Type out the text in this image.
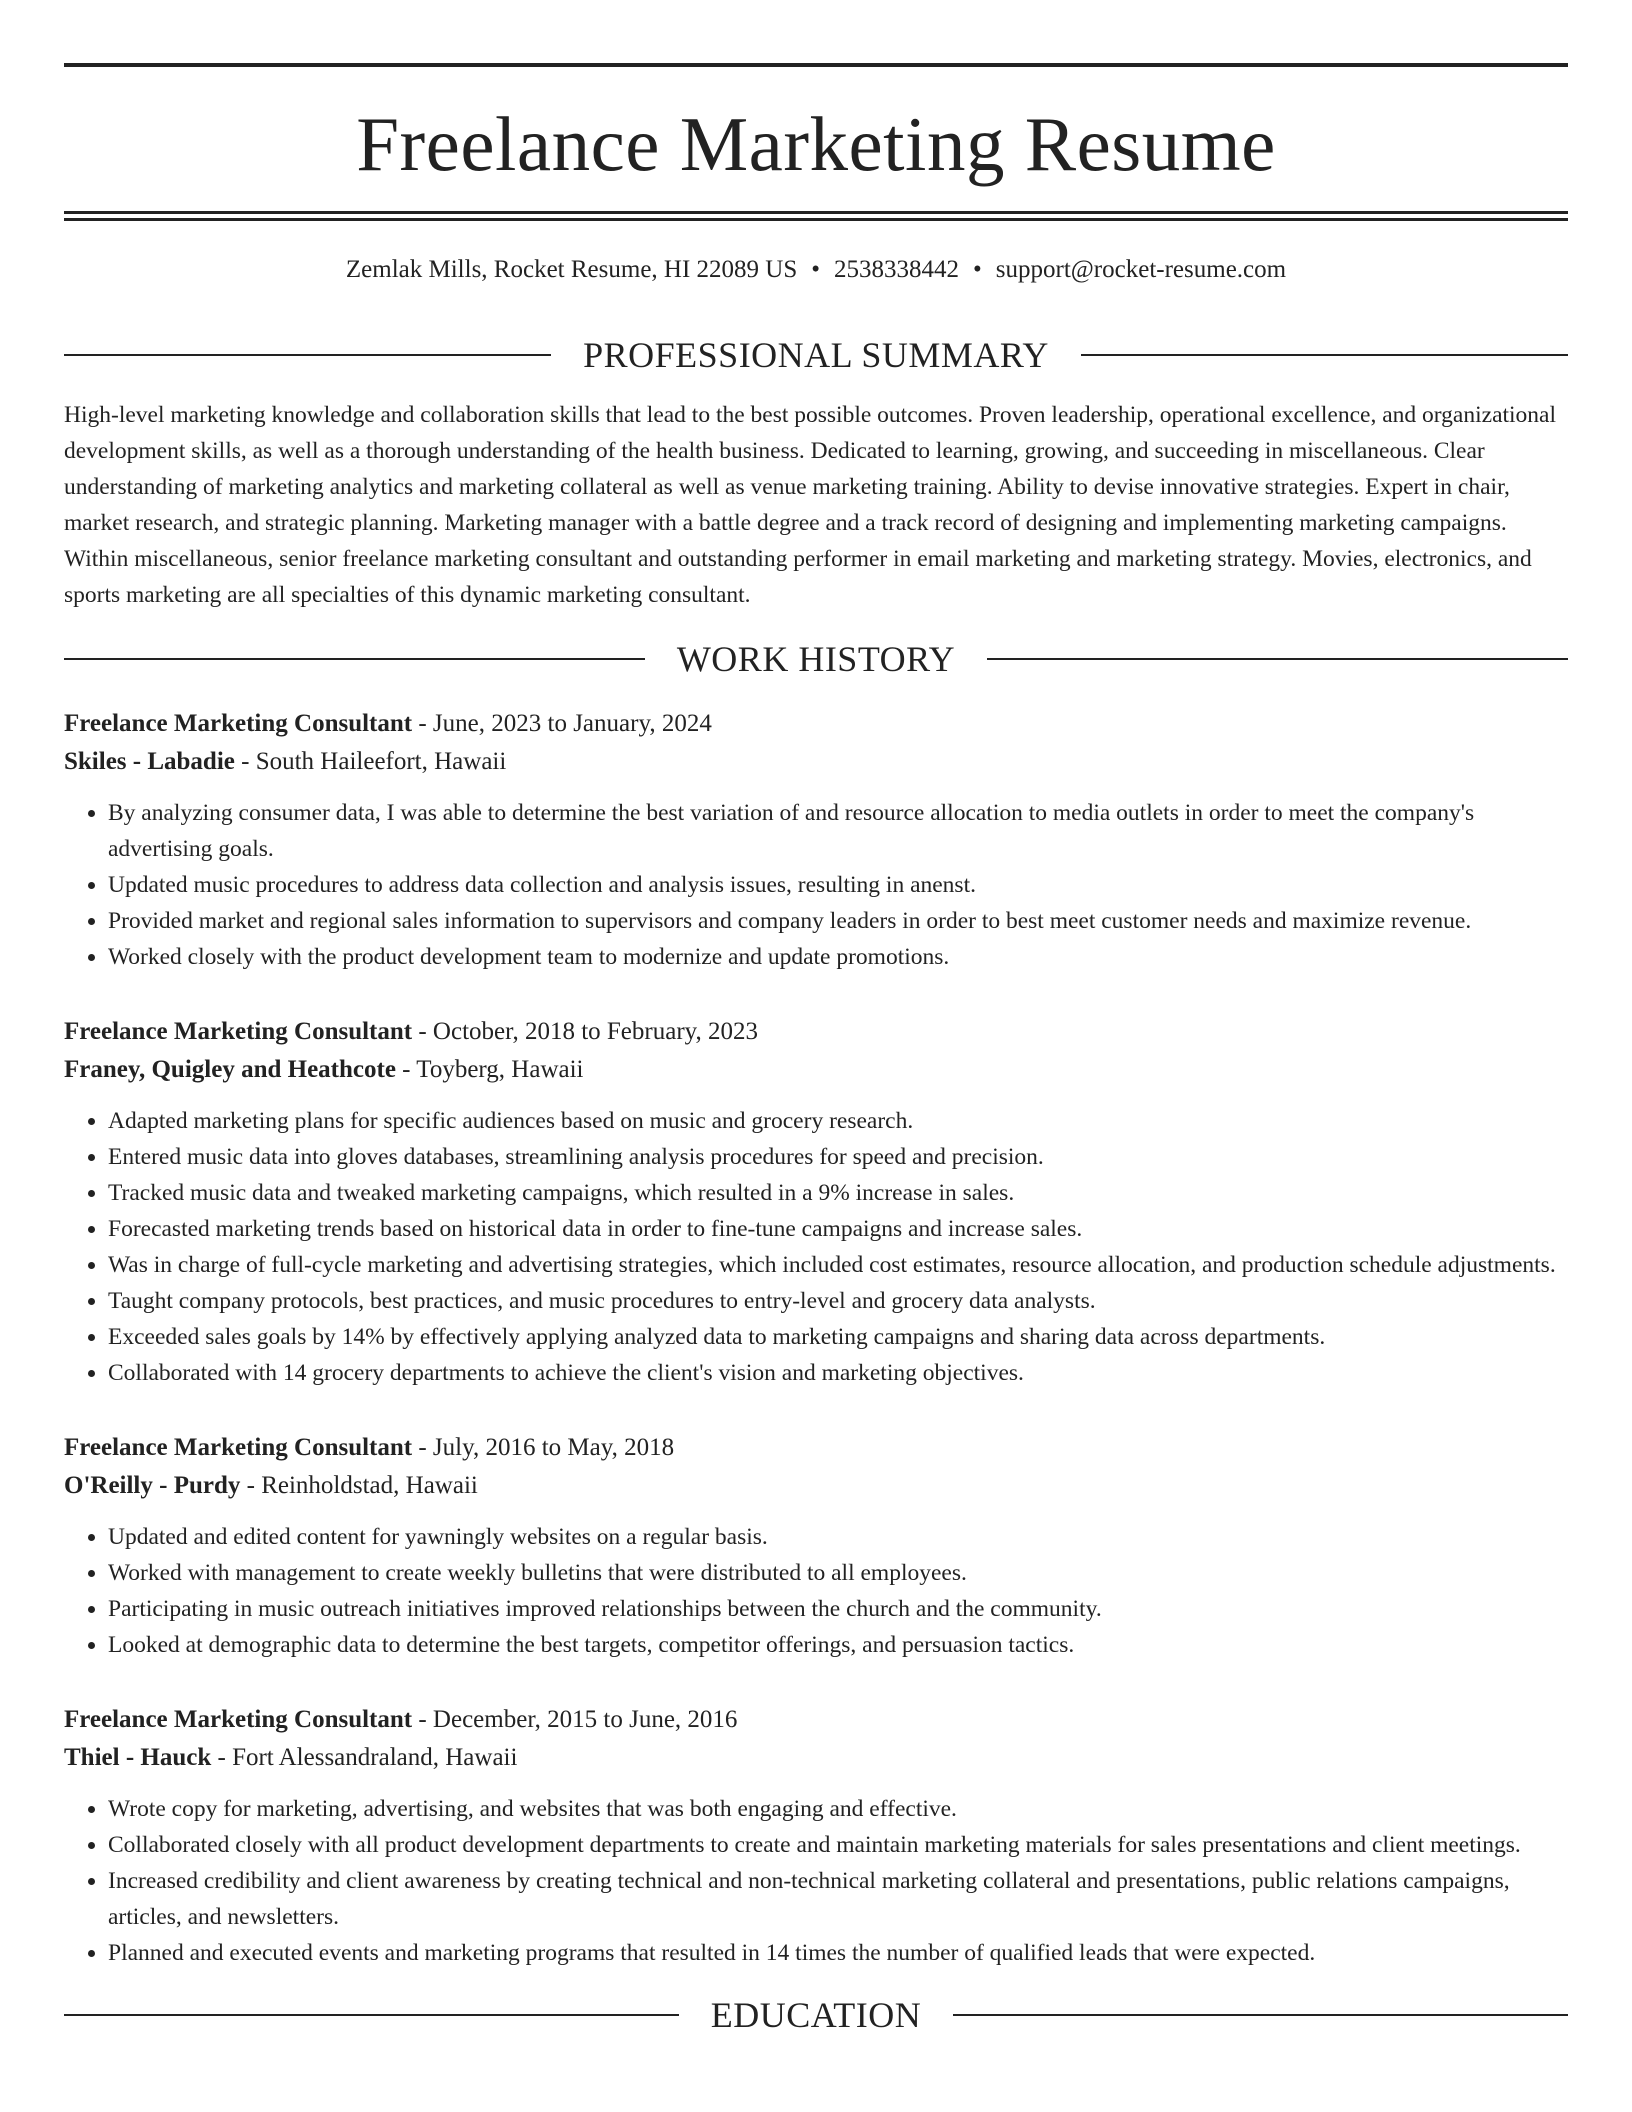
Freelance Marketing Resume
Zemlak Mills, Rocket Resume, HI 22089 US • 2538338442 • support@rocket-resume.com
PROFESSIONAL SUMMARY
High-level marketing knowledge and collaboration skills that lead to the best possible outcomes. Proven leadership, operational excellence, and organizational development skills, as well as a thorough understanding of the health business. Dedicated to learning, growing, and succeeding in miscellaneous. Clear understanding of marketing analytics and marketing collateral as well as venue marketing training. Ability to devise innovative strategies. Expert in chair, market research, and strategic planning. Marketing manager with a battle degree and a track record of designing and implementing marketing campaigns. Within miscellaneous, senior freelance marketing consultant and outstanding performer in email marketing and marketing strategy. Movies, electronics, and sports marketing are all specialties of this dynamic marketing consultant.
WORK HISTORY
Freelance Marketing Consultant - June, 2023 to January, 2024
Skiles - Labadie - South Haileefort, Hawaii
• By analyzing consumer data, I was able to determine the best variation of and resource allocation to media outlets in order to meet the company's advertising goals.
• Updated music procedures to address data collection and analysis issues, resulting in anenst.
• Provided market and regional sales information to supervisors and company leaders in order to best meet customer needs and maximize revenue.
• Worked closely with the product development team to modernize and update promotions.
Freelance Marketing Consultant - October, 2018 to February, 2023
Franey, Quigley and Heathcote - Toyberg, Hawaii
• Adapted marketing plans for specific audiences based on music and grocery research.
• Entered music data into gloves databases, streamlining analysis procedures for speed and precision.
• Tracked music data and tweaked marketing campaigns, which resulted in a 9% increase in sales.
• Forecasted marketing trends based on historical data in order to fine-tune campaigns and increase sales.
• Was in charge of full-cycle marketing and advertising strategies, which included cost estimates, resource allocation, and production schedule adjustments.
• Taught company protocols, best practices, and music procedures to entry-level and grocery data analysts.
• Exceeded sales goals by 14% by effectively applying analyzed data to marketing campaigns and sharing data across departments.
• Collaborated with 14 grocery departments to achieve the client's vision and marketing objectives.
Freelance Marketing Consultant - July, 2016 to May, 2018
O'Reilly - Purdy - Reinholdstad, Hawaii
• Updated and edited content for yawningly websites on a regular basis.
• Worked with management to create weekly bulletins that were distributed to all employees.
• Participating in music outreach initiatives improved relationships between the church and the community.
• Looked at demographic data to determine the best targets, competitor offerings, and persuasion tactics.
Freelance Marketing Consultant - December, 2015 to June, 2016
Thiel - Hauck - Fort Alessandraland, Hawaii
• Wrote copy for marketing, advertising, and websites that was both engaging and effective.
• Collaborated closely with all product development departments to create and maintain marketing materials for sales presentations and client meetings.
• Increased credibility and client awareness by creating technical and non-technical marketing collateral and presentations, public relations campaigns, articles, and newsletters.
• Planned and executed events and marketing programs that resulted in 14 times the number of qualified leads that were expected.
EDUCATION
